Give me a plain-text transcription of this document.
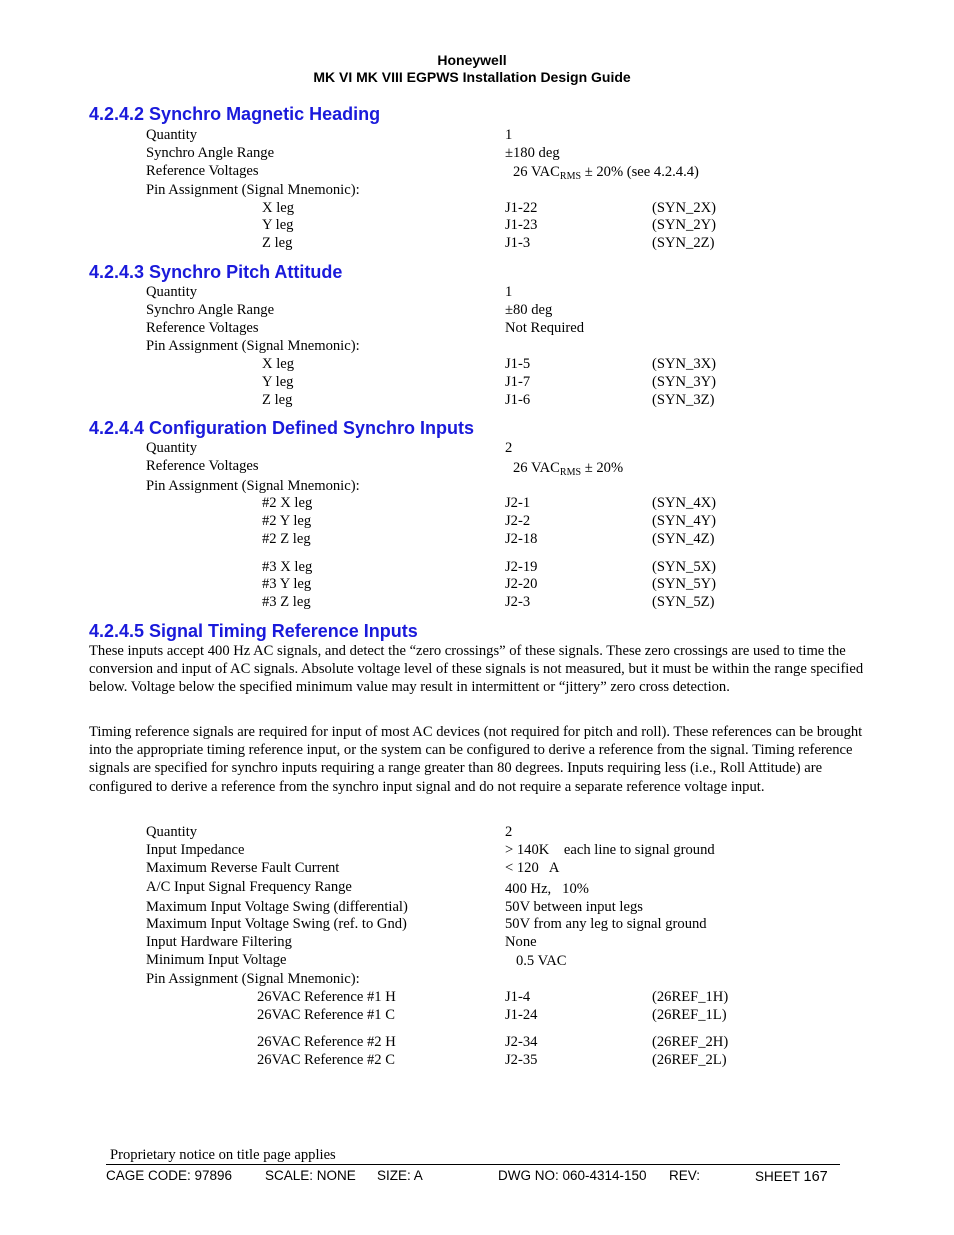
Honeywell
MK VI MK VIII EGPWS Installation Design Guide
4.2.4.2 Synchro Magnetic Heading
Quantity	1
Synchro Angle Range	±180 deg
Reference Voltages	26 $VAC_{RMS} \pm 20\%$ (see 4.2.4.4)
Pin Assignment (Signal Mnemonic):
X leg	J1-22	(SYN_2X)
Y leg	J1-23	(SYN_2Y)
Z leg	J1-3	(SYN_2Z)
4.2.4.3 Synchro Pitch Attitude
Quantity	1
Synchro Angle Range	±80 deg
Reference Voltages	Not Required
Pin Assignment (Signal Mnemonic):
X leg	J1-5	(SYN_3X)
Y leg	J1-7	(SYN_3Y)
Z leg	J1-6	(SYN_3Z)
4.2.4.4 Configuration Defined Synchro Inputs
Quantity	2
Reference Voltages	26 $VAC_{RMS} \pm 20\%$
Pin Assignment (Signal Mnemonic):
#2 X leg	J2-1	(SYN_4X)
#2 Y leg	J2-2	(SYN_4Y)
#2 Z leg	J2-18	(SYN_4Z)
#3 X leg	J2-19	(SYN_5X)
#3 Y leg	J2-20	(SYN_5Y)
#3 Z leg	J2-3	(SYN_5Z)
4.2.4.5 Signal Timing Reference Inputs
These inputs accept 400 Hz AC signals, and detect the “zero crossings” of these signals. These zero crossings are used to time the conversion and input of AC signals. Absolute voltage level of these signals is not measured, but it must be within the range specified below. Voltage below the specified minimum value may result in intermittent or “jittery” zero cross detection.
Timing reference signals are required for input of most AC devices (not required for pitch and roll). These references can be brought into the appropriate timing reference input, or the system can be configured to derive a reference from the signal. Timing reference signals are specified for synchro inputs requiring a range greater than 80 degrees. Inputs requiring less (i.e., Roll Attitude) are configured to derive a reference from the synchro input signal and do not require a separate reference voltage input.
Quantity	2
Input Impedance	> 140K    each line to signal ground
Maximum Reverse Fault Current	< 120   A
A/C Input Signal Frequency Range	400 Hz,   10%
Maximum Input Voltage Swing (differential)	50V between input legs
Maximum Input Voltage Swing (ref. to Gnd)	50V from any leg to signal ground
Input Hardware Filtering	None
Minimum Input Voltage	0.5 VAC
Pin Assignment (Signal Mnemonic):
26VAC Reference #1 H	J1-4	(26REF_1H)
26VAC Reference #1 C	J1-24	(26REF_1L)
26VAC Reference #2 H	J2-34	(26REF_2H)
26VAC Reference #2 C	J2-35	(26REF_2L)
Proprietary notice on title page applies
CAGE CODE: 97896 SCALE: NONE SIZE: A	DWG NO: 060-4314-150 REV:	SHEET 167
